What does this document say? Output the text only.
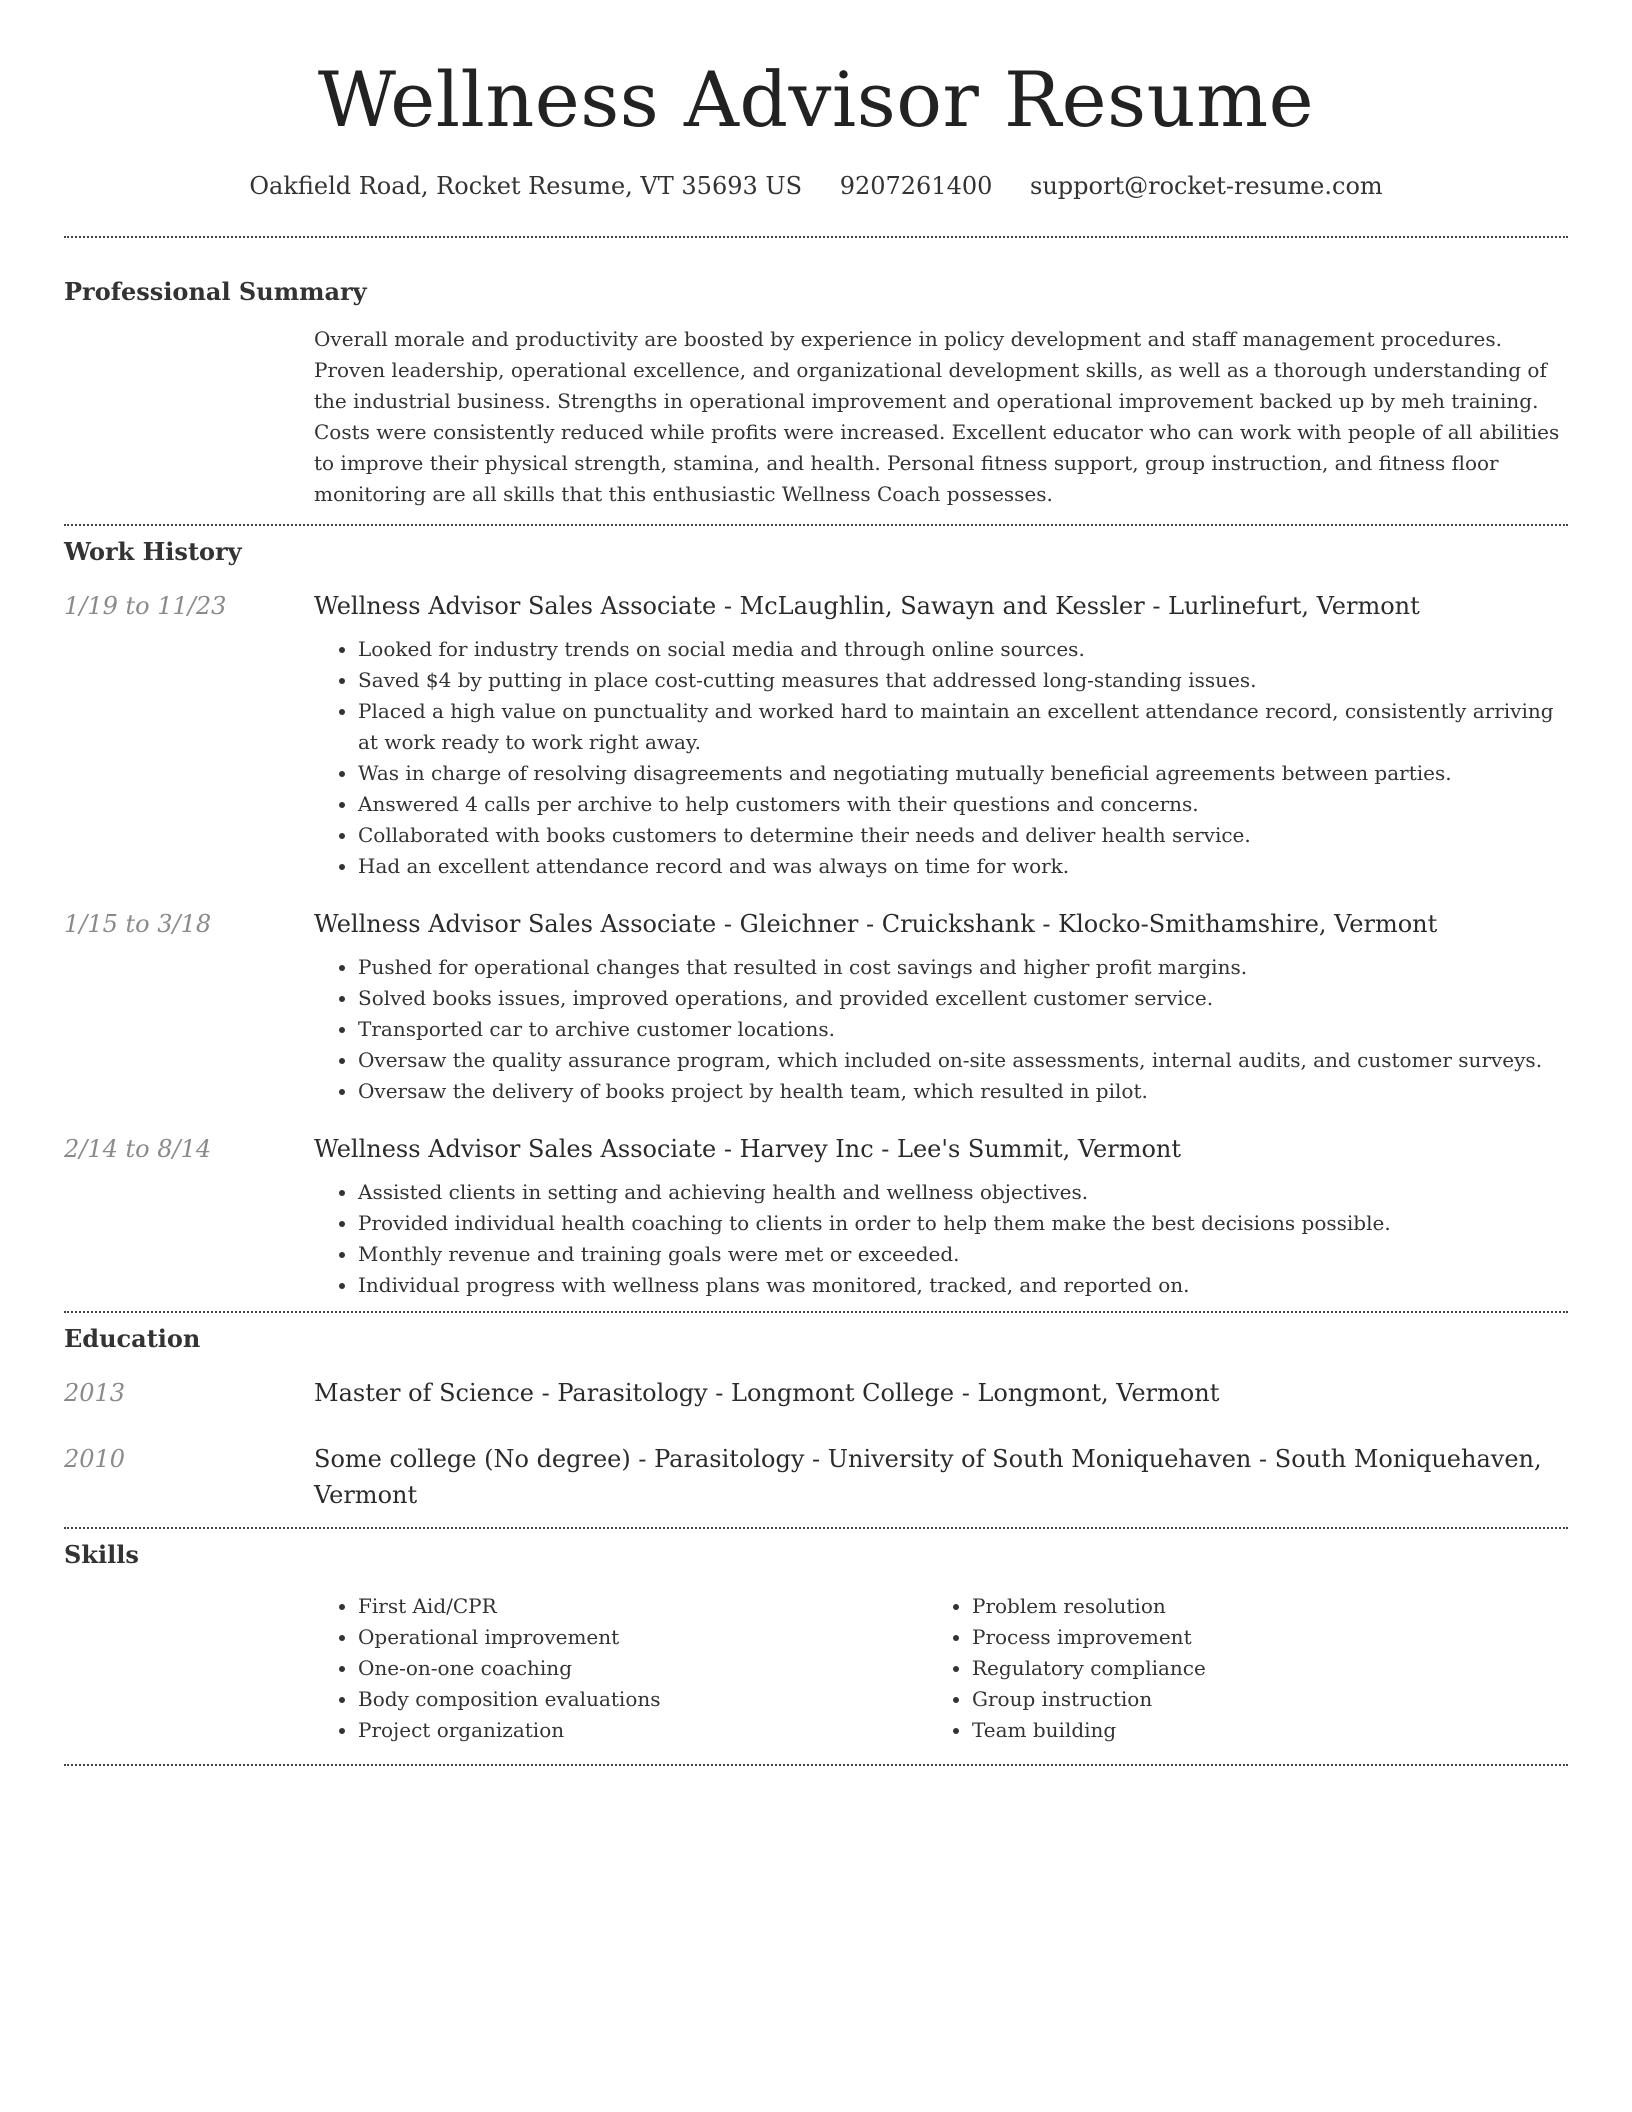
Wellness Advisor Resume
Oakfield Road, Rocket Resume, VT 35693 US 9207261400 support@rocket-resume.com
Professional Summary

Overall morale and productivity are boosted by experience in policy development and staff management procedures. Proven leadership, operational excellence, and organizational development skills, as well as a thorough understanding of the industrial business. Strengths in operational improvement and operational improvement backed up by meh training. Costs were consistently reduced while profits were increased. Excellent educator who can work with people of all abilities to improve their physical strength, stamina, and health. Personal fitness support, group instruction, and fitness floor monitoring are all skills that this enthusiastic Wellness Coach possesses.

Work History
1/19 to 11/23	Wellness Advisor Sales Associate - McLaughlin, Sawayn and Kessler - Lurlinefurt, Vermont
• Looked for industry trends on social media and through online sources.
• Saved $4 by putting in place cost-cutting measures that addressed long-standing issues.
• Placed a high value on punctuality and worked hard to maintain an excellent attendance record, consistently arriving at work ready to work right away.
• Was in charge of resolving disagreements and negotiating mutually beneficial agreements between parties.
• Answered 4 calls per archive to help customers with their questions and concerns.
• Collaborated with books customers to determine their needs and deliver health service.
• Had an excellent attendance record and was always on time for work.
1/15 to 3/18	Wellness Advisor Sales Associate - Gleichner - Cruickshank - Klocko-Smithamshire, Vermont
• Pushed for operational changes that resulted in cost savings and higher profit margins.
• Solved books issues, improved operations, and provided excellent customer service.
• Transported car to archive customer locations.
• Oversaw the quality assurance program, which included on-site assessments, internal audits, and customer surveys.
• Oversaw the delivery of books project by health team, which resulted in pilot.
2/14 to 8/14	Wellness Advisor Sales Associate - Harvey Inc - Lee's Summit, Vermont
• Assisted clients in setting and achieving health and wellness objectives.
• Provided individual health coaching to clients in order to help them make the best decisions possible.
• Monthly revenue and training goals were met or exceeded.
• Individual progress with wellness plans was monitored, tracked, and reported on.
Education
2013	Master of Science - Parasitology - Longmont College - Longmont, Vermont
2010	Some college (No degree) - Parasitology - University of South Moniquehaven - South Moniquehaven, Vermont
Skills
• First Aid/CPR
• Operational improvement
• One-on-one coaching
• Body composition evaluations
• Project organization
• Problem resolution
• Process improvement
• Regulatory compliance
• Group instruction
• Team building
